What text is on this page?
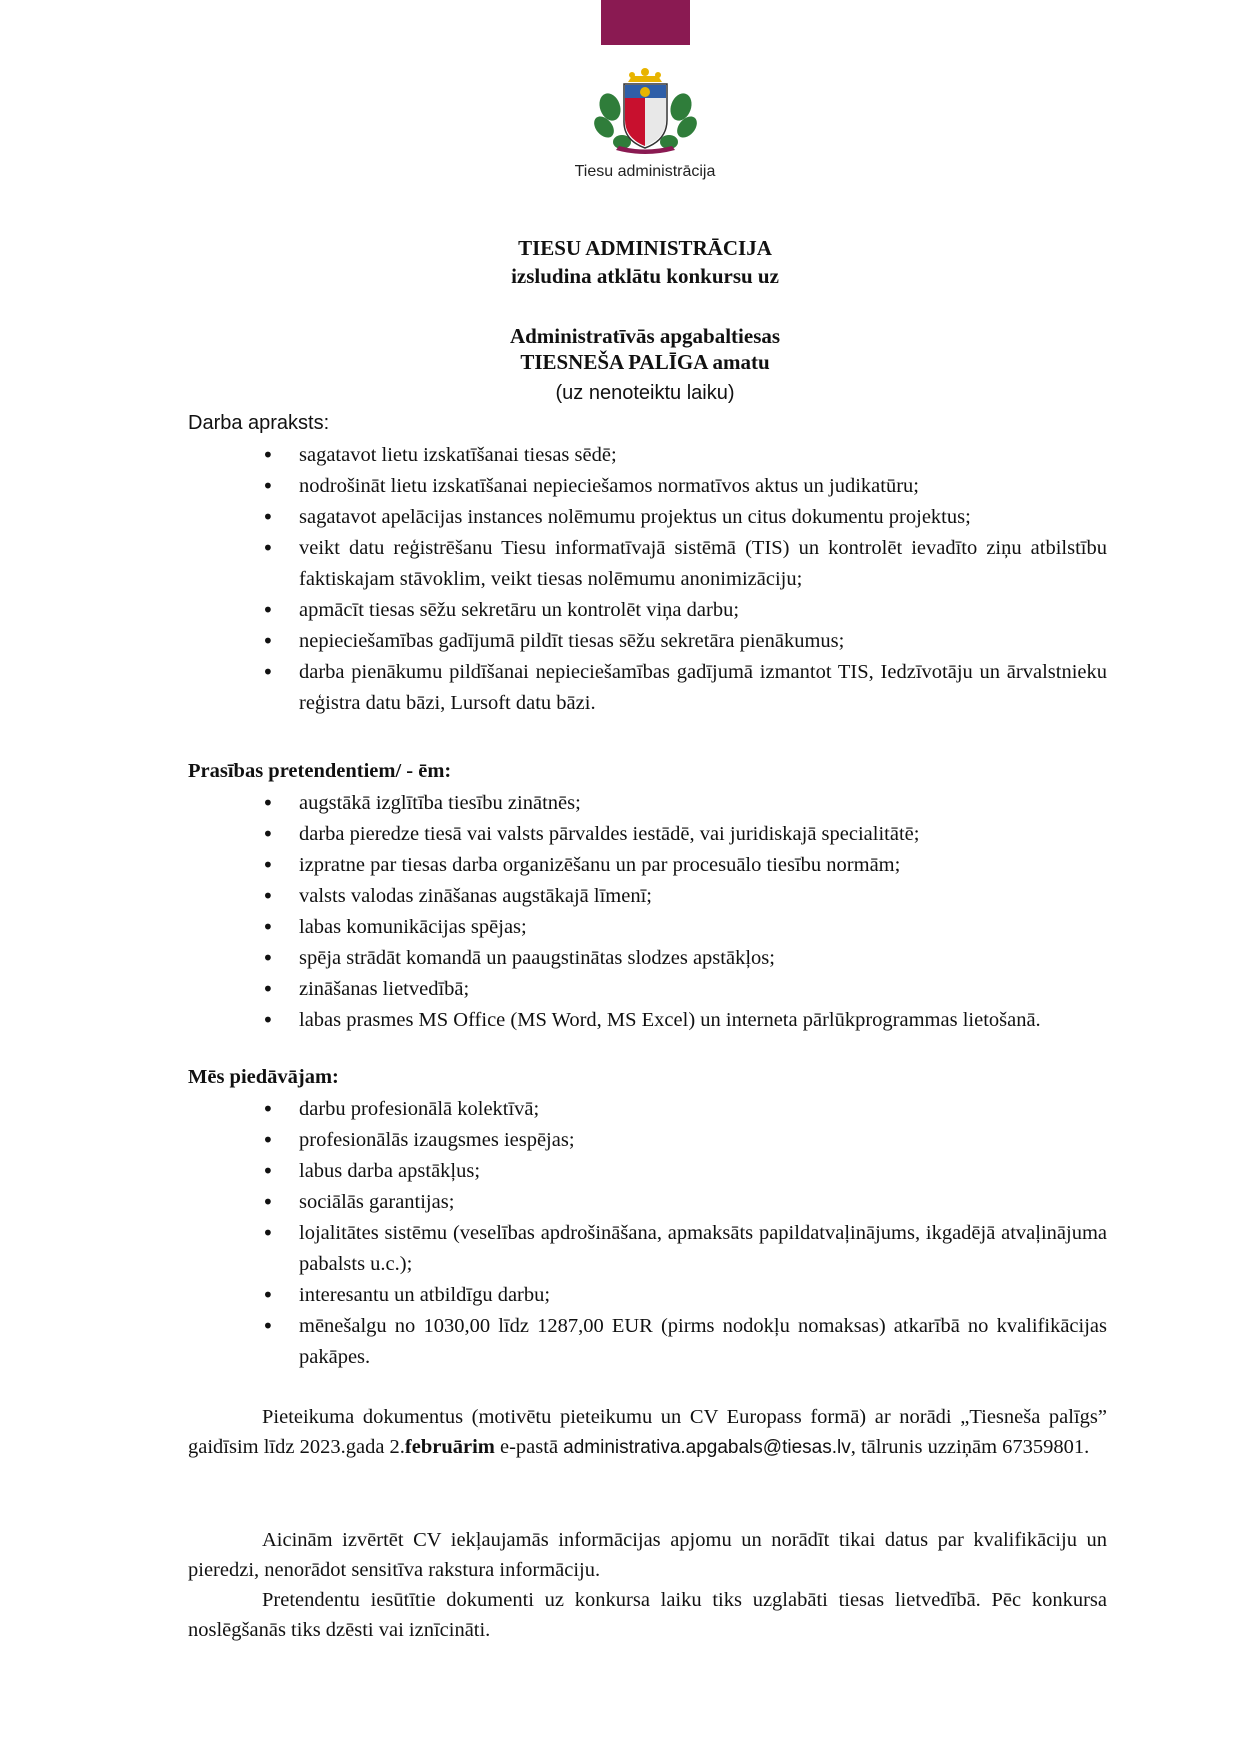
Tiesu administrācija
TIESU ADMINISTRĀCIJA
izsludina atklātu konkursu uz
Administratīvās apgabaltiesas
TIESNEŠA PALĪGA amatu
(uz nenoteiktu laiku)
Darba apraksts:
• sagatavot lietu izskatīšanai tiesas sēdē;
• nodrošināt lietu izskatīšanai nepieciešamos normatīvos aktus un judikatūru;
• sagatavot apelācijas instances nolēmumu projektus un citus dokumentu projektus;
• veikt datu reģistrēšanu Tiesu informatīvajā sistēmā (TIS) un kontrolēt ievadīto ziņu atbilstību faktiskajam stāvoklim, veikt tiesas nolēmumu anonimizāciju;
• apmācīt tiesas sēžu sekretāru un kontrolēt viņa darbu;
• nepieciešamības gadījumā pildīt tiesas sēžu sekretāra pienākumus;
• darba pienākumu pildīšanai nepieciešamības gadījumā izmantot TIS, Iedzīvotāju un ārvalstnieku reģistra datu bāzi, Lursoft datu bāzi.
Prasības pretendentiem/ - ēm:
• augstākā izglītība tiesību zinātnēs;
• darba pieredze tiesā vai valsts pārvaldes iestādē, vai juridiskajā specialitātē;
• izpratne par tiesas darba organizēšanu un par procesuālo tiesību normām;
• valsts valodas zināšanas augstākajā līmenī;
• labas komunikācijas spējas;
• spēja strādāt komandā un paaugstinātas slodzes apstākļos;
• zināšanas lietvedībā;
• labas prasmes MS Office (MS Word, MS Excel) un interneta pārlūkprogrammas lietošanā.
Mēs piedāvājam:
• darbu profesionālā kolektīvā;
• profesionālās izaugsmes iespējas;
• labus darba apstākļus;
• sociālās garantijas;
• lojalitātes sistēmu (veselības apdrošināšana, apmaksāts papildatvaļinājums, ikgadējā atvaļinājuma pabalsts u.c.);
• interesantu un atbildīgu darbu;
• mēnešalgu no 1030,00 līdz 1287,00 EUR (pirms nodokļu nomaksas) atkarībā no kvalifikācijas pakāpes.
Pieteikuma dokumentus (motivētu pieteikumu un CV Europass formā) ar norādi „Tiesneša palīgs” gaidīsim līdz 2023.gada 2.februārim e-pastā administrativa.apgabals@tiesas.lv, tālrunis uzziņām 67359801.
Aicinām izvērtēt CV iekļaujamās informācijas apjomu un norādīt tikai datus par kvalifikāciju un pieredzi, nenorādot sensitīva rakstura informāciju.
Pretendentu iesūtītie dokumenti uz konkursa laiku tiks uzglabāti tiesas lietvedībā. Pēc konkursa noslēgšanās tiks dzēsti vai iznīcināti.
